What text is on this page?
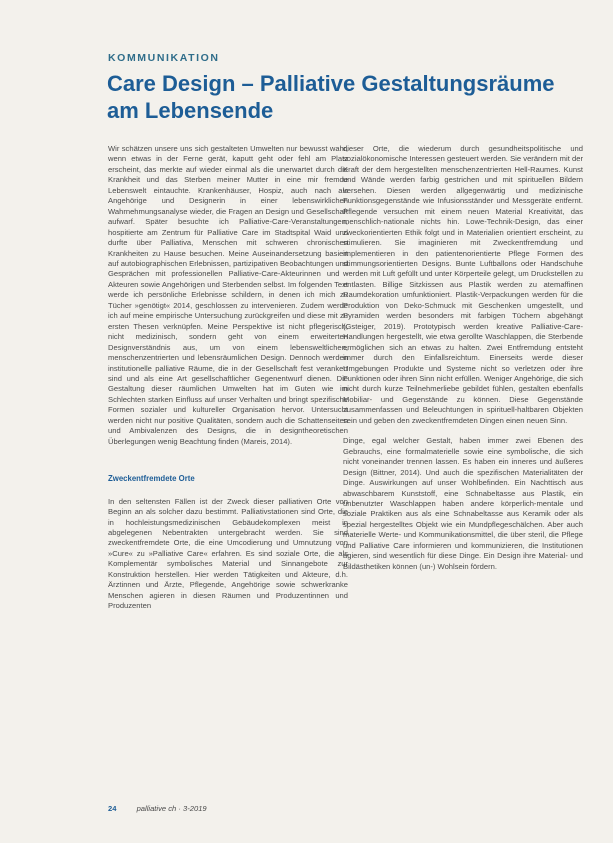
KOMMUNIKATION
Care Design – Palliative Gestaltungsräume am Lebensende

Wir schätzen unsere uns sich gestalteten Umwelten nur bewusst wahr, wenn etwas in der Ferne gerät, kaputt geht oder fehl am Platz erscheint, das merkte auf wieder einmal als die unerwartet durch die Krankheit und das Sterben meiner Mutter in eine mir fremde Lebenswelt eintauchte. Krankenhäuser, Hospiz, auch nach als Angehörige und Designerin in einer lebenswirklichen Wahrnehmungsanalyse wieder, die Fragen an Design und Gesellschaft aufwarf. Später besuchte ich Palliative-Care-Veranstaltungen, hospitierte am Zentrum für Palliative Care im Stadtspital Waid und durfte über Palliativa, Menschen mit schweren chronischen Krankheiten zu Hause besuchen. Meine Auseinandersetzung basiert auf autobiographischen Erlebnissen, partizipativen Beobachtungen und Gesprächen mit professionellen Palliative-Care-Akteurinnen und -Akteuren sowie Angehörigen und Sterbenden selbst. Im folgenden Text werde ich persönliche Erlebnisse schildern, in denen ich mich zu Tücher »genötigt« 2014, geschlossen zu intervenieren. Zudem werde ich auf meine empirische Untersuchung zurückgreifen und diese mit zu ersten Thesen verknüpfen. Meine Perspektive ist nicht pflegerisch, nicht medizinisch, sondern geht von einem erweiterten Designverständnis aus, um von einem lebensweltlichen, menschenzentrierten und lebensräumlichen Design. Dennoch werden institutionelle palliative Räume, die in der Gesellschaft fest verankert sind und als eine Art gesellschaftlicher Gegenentwurf dienen. Die Gestaltung dieser räumlichen Umwelten hat im Guten wie im Schlechten starken Einfluss auf unser Verhalten und bringt spezifische Formen sozialer und kultureller Organisation hervor. Untersucht werden nicht nur positive Qualitäten, sondern auch die Schattenseiten und Ambivalenzen des Designs, die in designtheoretischen Überlegungen wenig Beachtung finden (Mareis, 2014).

Zweckentfremdete Orte

In den seltensten Fällen ist der Zweck dieser palliativen Orte von Beginn an als solcher dazu bestimmt. Palliativstationen sind Orte, die in hochleistungsmedizinischen Gebäudekomplexen meist in abgelegenen Nebentrakten untergebracht werden. Sie sind zweckentfremdete Orte, die eine Umcodierung und Umnutzung von »Cure« zu »Palliative Care« erfahren. Es sind soziale Orte, die als Komplementär symbolisches Material und Sinnangebote zur Konstruktion herstellen. Hier werden Tätigkeiten und Akteure, d.h. Ärztinnen und Ärzte, Pflegende, Angehörige sowie schwerkranke Menschen agieren in diesen Räumen und Produzentinnen und Produzenten

dieser Orte, die wiederum durch gesundheitspolitische und sozialökonomische Interessen gesteuert werden. Sie verändern mit der Kraft der dem hergestellten menschenzentrierten Hell-Raumes. Kunst und Wände werden farbig gestrichen und mit spirituellen Bildern versehen. Diesen werden allgegenwärtig und medizinische Funktionsgegenstände wie Infusionsständer und Messgeräte entfernt. Pflegende versuchen mit einem neuen Material Kreativität, das menschlich-nationale nichts hin. Lowe-Technik-Design, das einer zweckorientierten Ethik folgt und in Materialien orientiert erscheint, zu stimulieren. Sie imaginieren mit Zweckentfremdung und implementieren in den patientenorientierte Pflege Formen des stimmungsorientierten Designs. Bunte Luftballons oder Handschuhe werden mit Luft gefüllt und unter Körperteile gelegt, um Druckstellen zu entlasten. Billige Sitzkissen aus Plastik werden zu atemaffinen Raumdekoration umfunktioniert. Plastik-Verpackungen werden für die Produktion von Deko-Schmuck mit Geschenken umgestellt, und Pyramiden werden besonders mit farbigen Tüchern abgehängt (Gsteiger, 2019). Prototypisch werden kreative Palliative-Care-Handlungen hergestellt, wie etwa gerollte Waschlappen, die Sterbende ermöglichen sich an etwas zu halten. Zwei Entfremdung entsteht immer durch den Einfallsreichtum. Einerseits werde dieser Umgebungen Produkte und Systeme nicht so verletzen oder ihre Funktionen oder ihren Sinn nicht erfüllen. Weniger Angehörige, die sich nicht durch kurze Teilnehmerliebe gebildet fühlen, gestalten ebenfalls Mobiliar- und Gegenstände zu können. Diese Gegenstände zusammenfassen und Beleuchtungen in spirituell-haltbaren Objekten sein und geben den zweckentfremdeten Dingen einen neuen Sinn.

Dinge, egal welcher Gestalt, haben immer zwei Ebenen des Gebrauchs, eine formalmaterielle sowie eine symbolische, die sich nicht voneinander trennen lassen. Es haben ein inneres und äußeres Design (Bittner, 2014). Und auch die spezifischen Materialitäten der Dinge. Auswirkungen auf unser Wohlbefinden. Ein Nachttisch aus abwaschbarem Kunststoff, eine Schnabeltasse aus Plastik, ein unbenutzter Waschlappen haben andere körperlich-mentale und soziale Praktiken aus als eine Schnabeltasse aus Keramik oder als spezial hergestelltes Objekt wie ein Mundpflegeschälchen. Aber auch materielle Werte- und Kommunikationsmittel, die über steril, die Pflege und Palliative Care informieren und kommunizieren, die Institutionen agieren, sind wesentlich für diese Dinge. Ein Design ihre Material- und Bildästhetiken können (un-) Wohlsein fördern.

24	palliative ch · 3-2019
